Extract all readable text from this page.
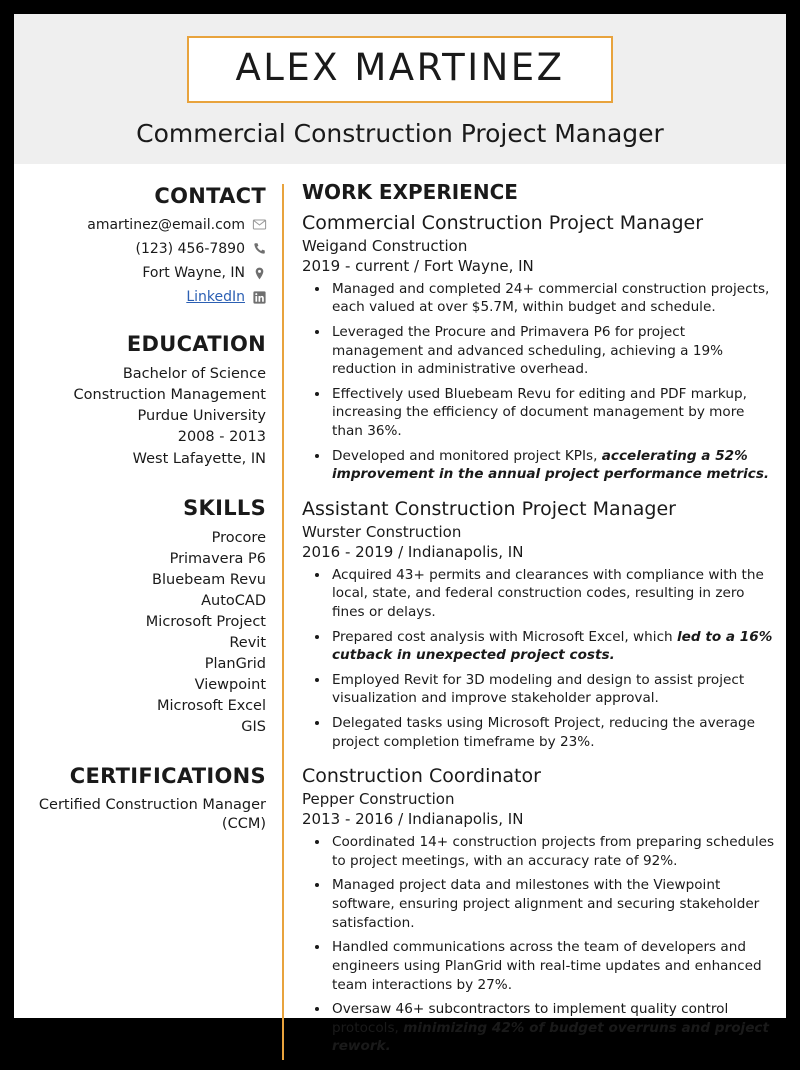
ALEX MARTINEZ
Commercial Construction Project Manager
CONTACT
amartinez@email.com
(123) 456-7890
Fort Wayne, IN
LinkedIn
EDUCATION
Bachelor of Science
Construction Management
Purdue University
2008 - 2013
West Lafayette, IN
SKILLS
Procore
Primavera P6
Bluebeam Revu
AutoCAD
Microsoft Project
Revit
PlanGrid
Viewpoint
Microsoft Excel
GIS
CERTIFICATIONS
Certified Construction Manager
(CCM)
WORK EXPERIENCE
Commercial Construction Project Manager
Weigand Construction
2019 - current / Fort Wayne, IN
• Managed and completed 24+ commercial construction projects, each valued at over $5.7M, within budget and schedule.
• Leveraged the Procure and Primavera P6 for project management and advanced scheduling, achieving a 19% reduction in administrative overhead.
• Effectively used Bluebeam Revu for editing and PDF markup, increasing the efficiency of document management by more than 36%.
• Developed and monitored project KPIs, accelerating a 52% improvement in the annual project performance metrics.
Assistant Construction Project Manager
Wurster Construction
2016 - 2019 / Indianapolis, IN
• Acquired 43+ permits and clearances with compliance with the local, state, and federal construction codes, resulting in zero fines or delays.
• Prepared cost analysis with Microsoft Excel, which led to a 16% cutback in unexpected project costs.
• Employed Revit for 3D modeling and design to assist project visualization and improve stakeholder approval.
• Delegated tasks using Microsoft Project, reducing the average project completion timeframe by 23%.
Construction Coordinator
Pepper Construction
2013 - 2016 / Indianapolis, IN
• Coordinated 14+ construction projects from preparing schedules to project meetings, with an accuracy rate of 92%.
• Managed project data and milestones with the Viewpoint software, ensuring project alignment and securing stakeholder satisfaction.
• Handled communications across the team of developers and engineers using PlanGrid with real-time updates and enhanced team interactions by 27%.
• Oversaw 46+ subcontractors to implement quality control protocols, minimizing 42% of budget overruns and project rework.
